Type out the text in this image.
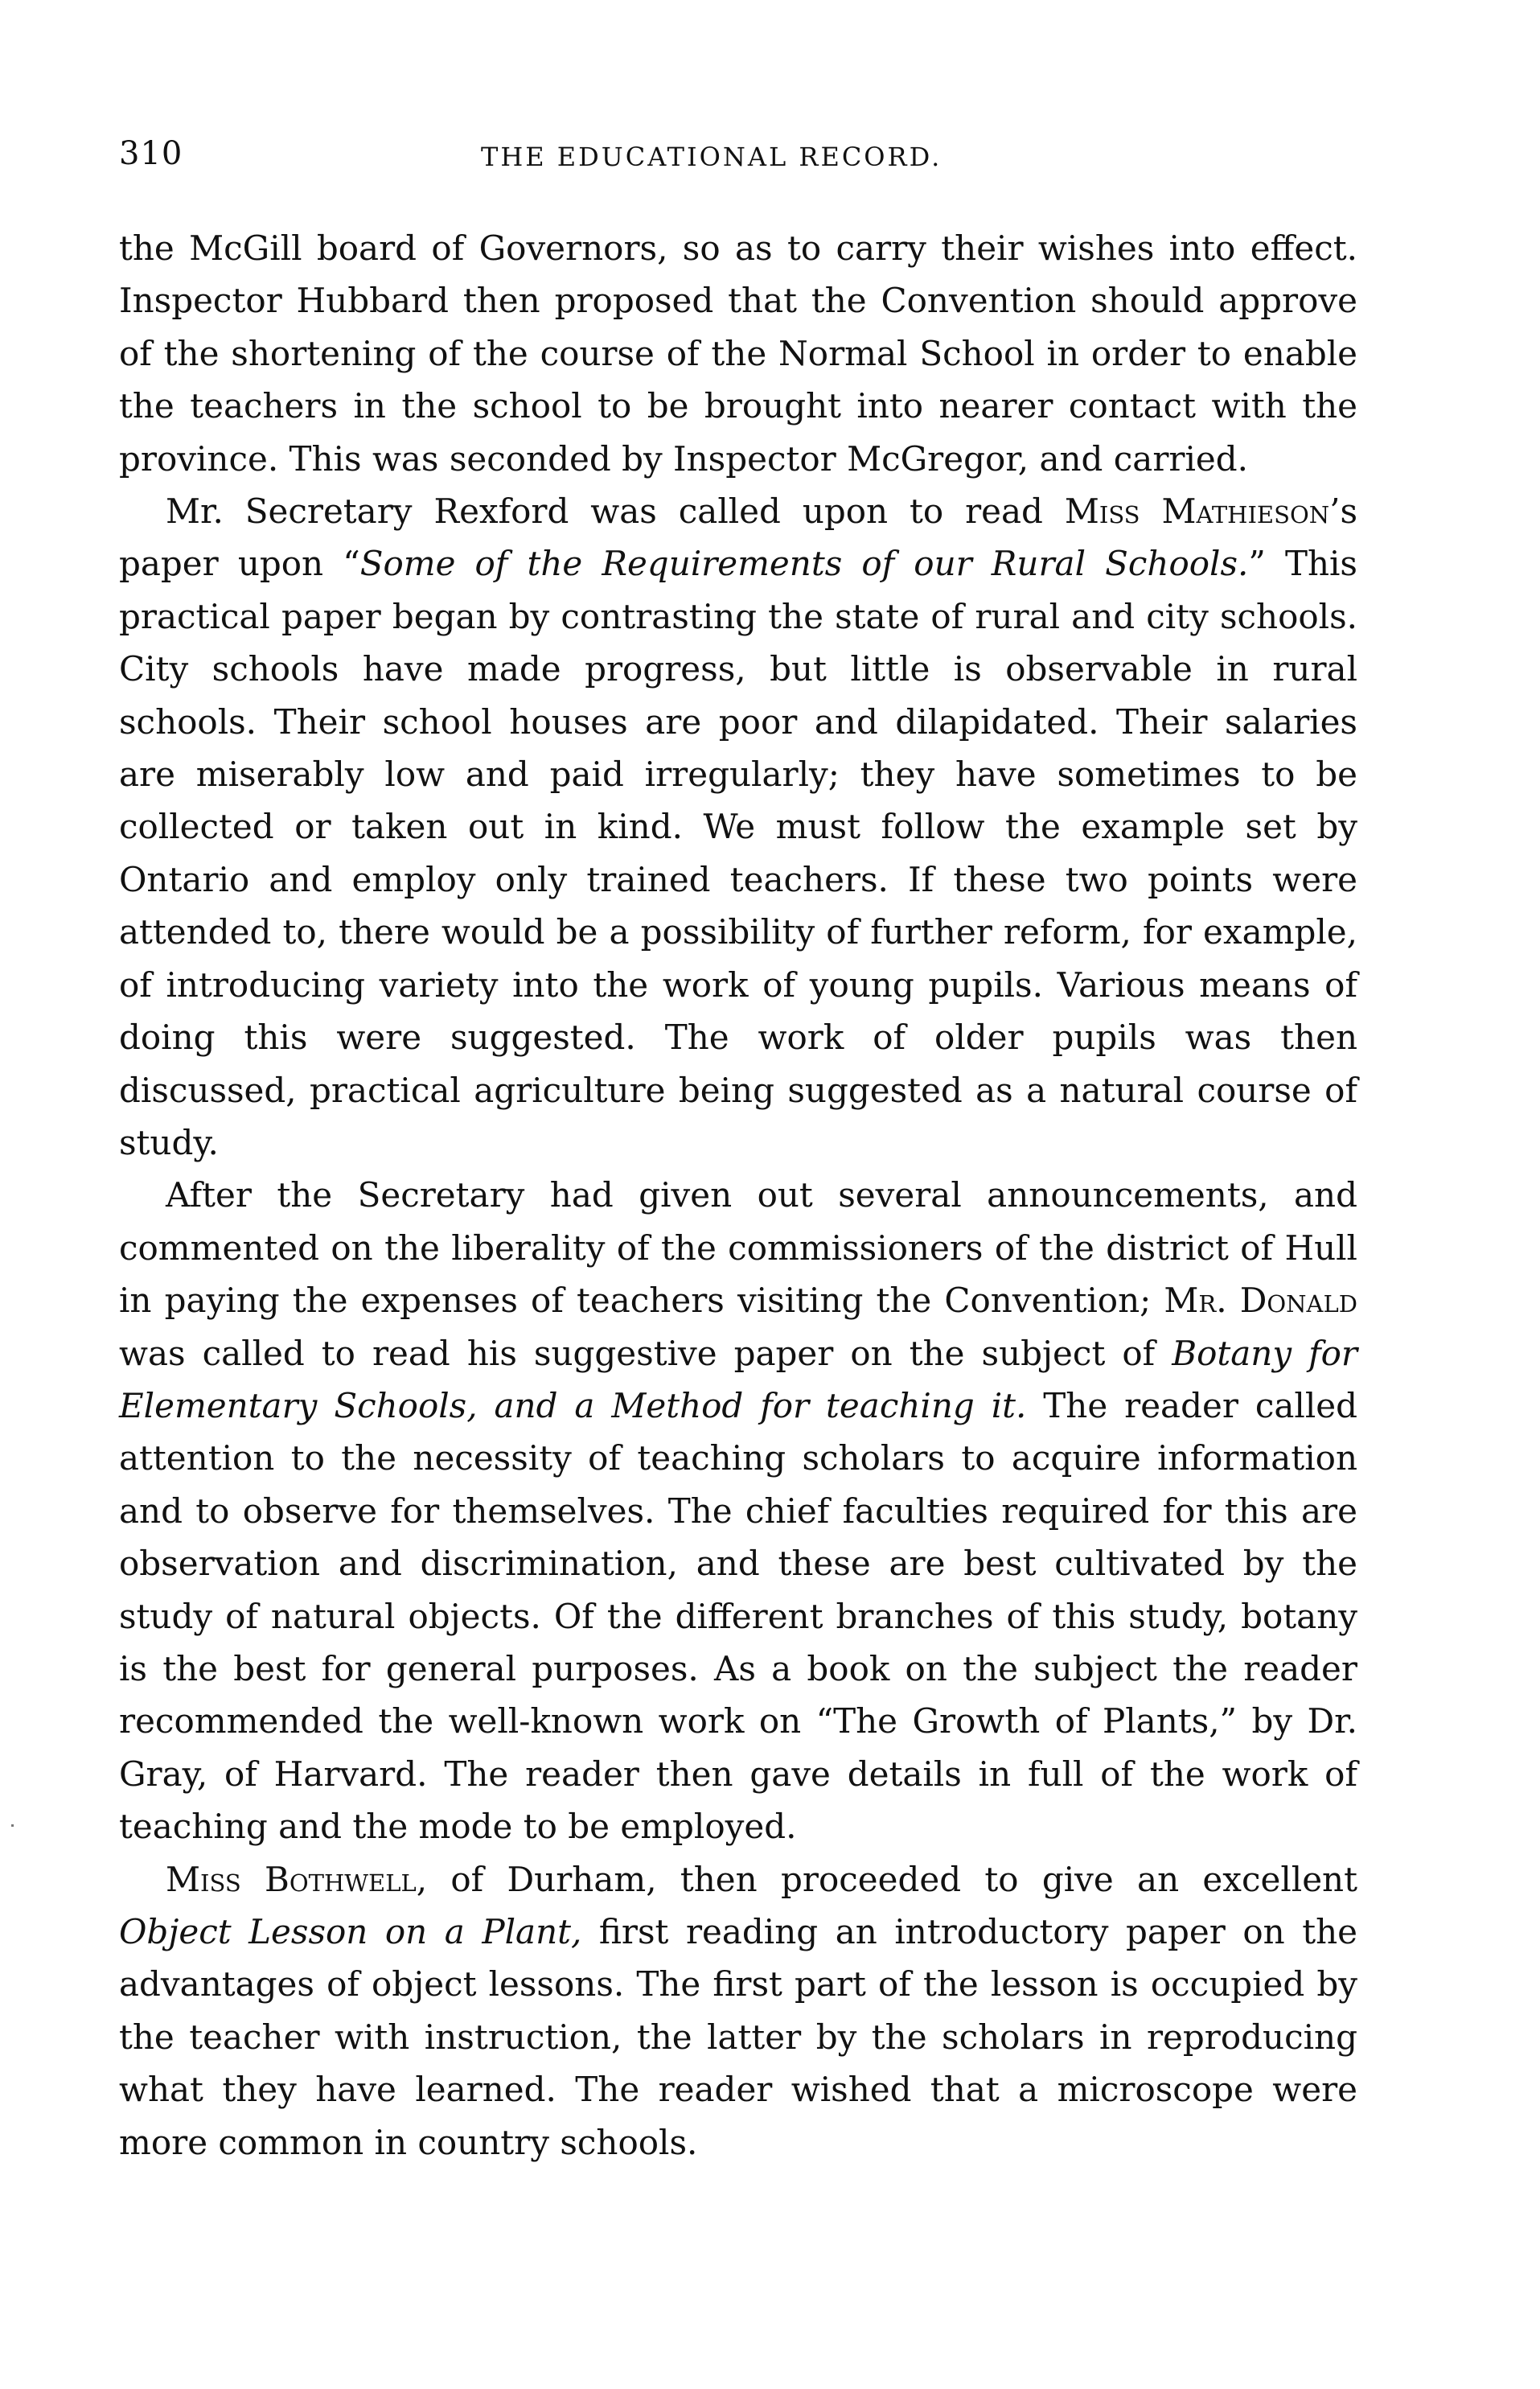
310	THE EDUCATIONAL RECORD.

the McGill board of Governors, so as to carry their wishes into effect. Inspector Hubbard then proposed that the Convention should approve of the shortening of the course of the Normal School in order to enable the teachers in the school to be brought into nearer contact with the province. This was seconded by Inspector McGregor, and carried.

Mr. Secretary Rexford was called upon to read Miss Mathieson’s paper upon “Some of the Requirements of our Rural Schools.” This practical paper began by contrasting the state of rural and city schools. City schools have made progress, but little is observable in rural schools. Their school houses are poor and dilapidated. Their salaries are miserably low and paid irregularly; they have sometimes to be collected or taken out in kind. We must follow the example set by Ontario and employ only trained teachers. If these two points were attended to, there would be a possibility of further reform, for example, of introducing variety into the work of young pupils. Various means of doing this were suggested. The work of older pupils was then discussed, practical agriculture being suggested as a natural course of study.

After the Secretary had given out several announcements, and commented on the liberality of the commissioners of the district of Hull in paying the expenses of teachers visiting the Convention; Mr. Donald was called to read his suggestive paper on the subject of Botany for Elementary Schools, and a Method for teaching it. The reader called attention to the necessity of teaching scholars to acquire information and to observe for themselves. The chief faculties required for this are observation and discrimination, and these are best cultivated by the study of natural objects. Of the different branches of this study, botany is the best for general purposes. As a book on the subject the reader recommended the well-known work on “The Growth of Plants,” by Dr. Gray, of Harvard. The reader then gave details in full of the work of teaching and the mode to be employed.

Miss Bothwell, of Durham, then proceeded to give an excellent Object Lesson on a Plant, first reading an introductory paper on the advantages of object lessons. The first part of the lesson is occupied by the teacher with instruction, the latter by the scholars in reproducing what they have learned. The reader wished that a microscope were more common in country schools.
